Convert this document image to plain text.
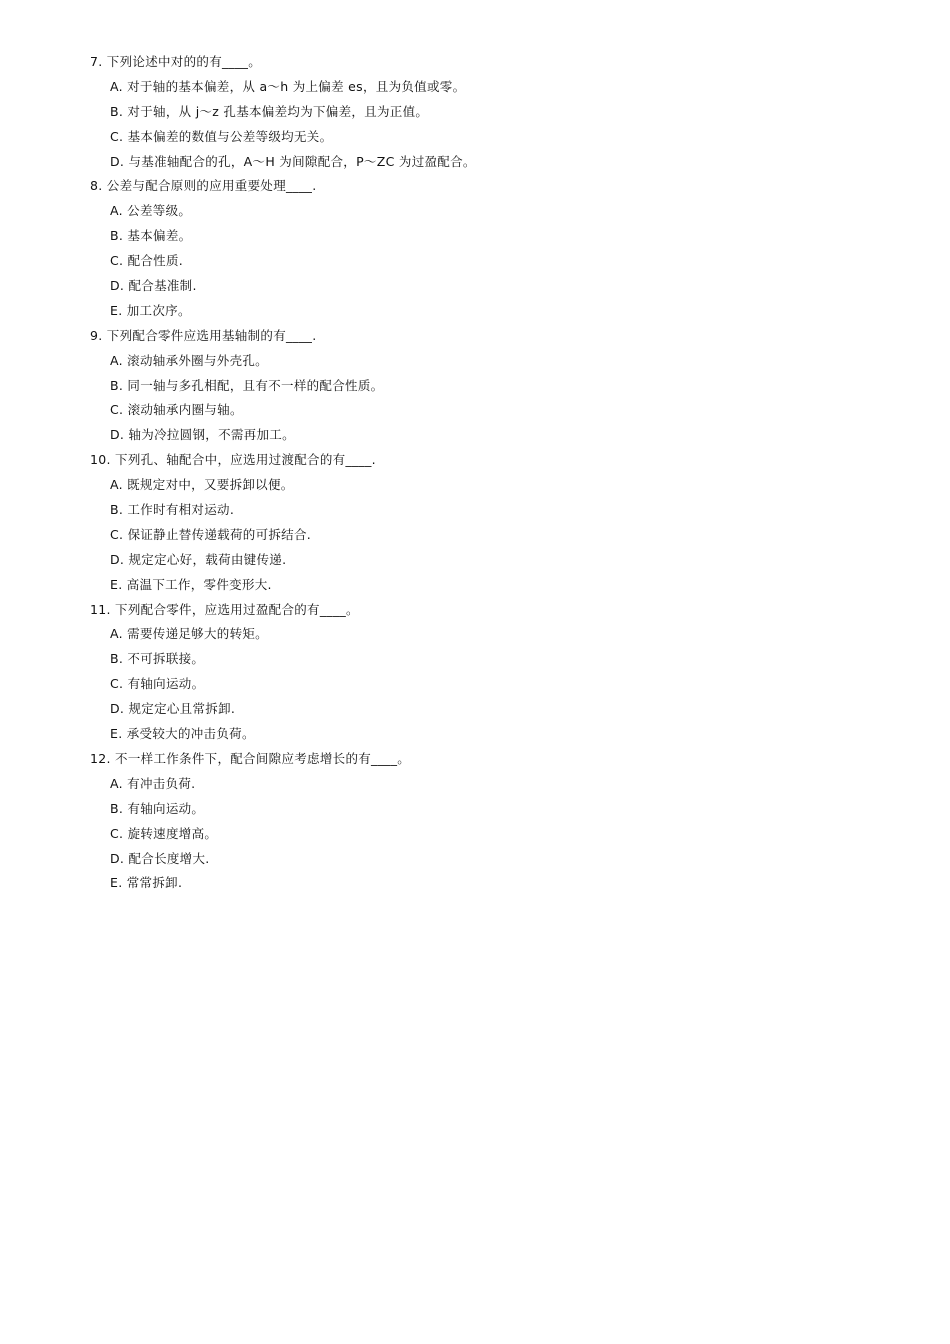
7. 下列论述中对的的有____。
A. 对于轴的基本偏差，从 a～h 为上偏差 es，且为负值或零。
B. 对于轴，从 j～z 孔基本偏差均为下偏差，且为正值。
C. 基本偏差的数值与公差等级均无关。
D. 与基准轴配合的孔，A～H 为间隙配合，P～ZC 为过盈配合。
8. 公差与配合原则的应用重要处理____.
A. 公差等级。
B. 基本偏差。
C. 配合性质.
D. 配合基准制.
E. 加工次序。
9. 下列配合零件应选用基轴制的有____.
A. 滚动轴承外圈与外壳孔。
B. 同一轴与多孔相配，且有不一样的配合性质。
C. 滚动轴承内圈与轴。
D. 轴为冷拉圆钢，不需再加工。
10. 下列孔、轴配合中，应选用过渡配合的有____.
A. 既规定对中，又要拆卸以便。
B. 工作时有相对运动.
C. 保证静止替传递载荷的可拆结合.
D. 规定定心好，载荷由键传递.
E. 高温下工作，零件变形大.
11. 下列配合零件，应选用过盈配合的有____。
A. 需要传递足够大的转矩。
B. 不可拆联接。
C. 有轴向运动。
D. 规定定心且常拆卸.
E. 承受较大的冲击负荷。
12. 不一样工作条件下，配合间隙应考虑增长的有____。
A. 有冲击负荷.
B. 有轴向运动。
C. 旋转速度增高。
D. 配合长度增大.
E. 常常拆卸.
